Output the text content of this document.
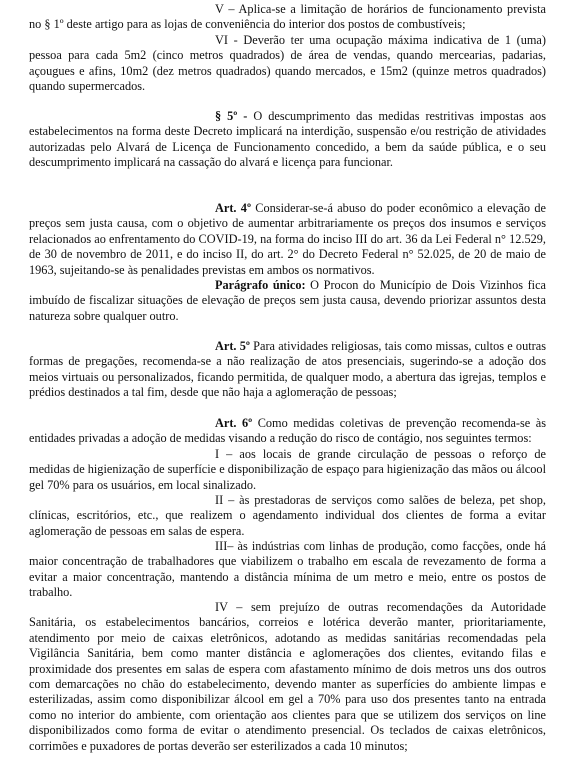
V – Aplica-se a limitação de horários de funcionamento prevista no § 1º deste artigo para as lojas de conveniência do interior dos postos de combustíveis;

VI - Deverão ter uma ocupação máxima indicativa de 1 (uma) pessoa para cada 5m2 (cinco metros quadrados) de área de vendas, quando mercearias, padarias, açougues e afins, 10m2 (dez metros quadrados) quando mercados, e 15m2 (quinze metros quadrados) quando supermercados.

§ 5º - O descumprimento das medidas restritivas impostas aos estabelecimentos na forma deste Decreto implicará na interdição, suspensão e/ou restrição de atividades autorizadas pelo Alvará de Licença de Funcionamento concedido, a bem da saúde pública, e o seu descumprimento implicará na cassação do alvará e licença para funcionar.

Art. 4º Considerar-se-á abuso do poder econômico a elevação de preços sem justa causa, com o objetivo de aumentar arbitrariamente os preços dos insumos e serviços relacionados ao enfrentamento do COVID-19, na forma do inciso III do art. 36 da Lei Federal n° 12.529, de 30 de novembro de 2011, e do inciso II, do art. 2° do Decreto Federal n° 52.025, de 20 de maio de 1963, sujeitando-se às penalidades previstas em ambos os normativos.

Parágrafo único: O Procon do Município de Dois Vizinhos fica imbuído de fiscalizar situações de elevação de preços sem justa causa, devendo priorizar assuntos desta natureza sobre qualquer outro.

Art. 5º Para atividades religiosas, tais como missas, cultos e outras formas de pregações, recomenda-se a não realização de atos presenciais, sugerindo-se a adoção dos meios virtuais ou personalizados, ficando permitida, de qualquer modo, a abertura das igrejas, templos e prédios destinados a tal fim, desde que não haja a aglomeração de pessoas;

Art. 6º Como medidas coletivas de prevenção recomenda-se às entidades privadas a adoção de medidas visando a redução do risco de contágio, nos seguintes termos:

I – aos locais de grande circulação de pessoas o reforço de medidas de higienização de superfície e disponibilização de espaço para higienização das mãos ou álcool gel 70% para os usuários, em local sinalizado.

II – às prestadoras de serviços como salões de beleza, pet shop, clínicas, escritórios, etc., que realizem o agendamento individual dos clientes de forma a evitar aglomeração de pessoas em salas de espera.

III– às indústrias com linhas de produção, como facções, onde há maior concentração de trabalhadores que viabilizem o trabalho em escala de revezamento de forma a evitar a maior concentração, mantendo a distância mínima de um metro e meio, entre os postos de trabalho.

IV – sem prejuízo de outras recomendações da Autoridade Sanitária, os estabelecimentos bancários, correios e lotérica deverão manter, prioritariamente, atendimento por meio de caixas eletrônicos, adotando as medidas sanitárias recomendadas pela Vigilância Sanitária, bem como manter distância e aglomerações dos clientes, evitando filas e proximidade dos presentes em salas de espera com afastamento mínimo de dois metros uns dos outros com demarcações no chão do estabelecimento, devendo manter as superfícies do ambiente limpas e esterilizadas, assim como disponibilizar álcool em gel a 70% para uso dos presentes tanto na entrada como no interior do ambiente, com orientação aos clientes para que se utilizem dos serviços on line disponibilizados como forma de evitar o atendimento presencial. Os teclados de caixas eletrônicos, corrimões e puxadores de portas deverão ser esterilizados a cada 10 minutos;
